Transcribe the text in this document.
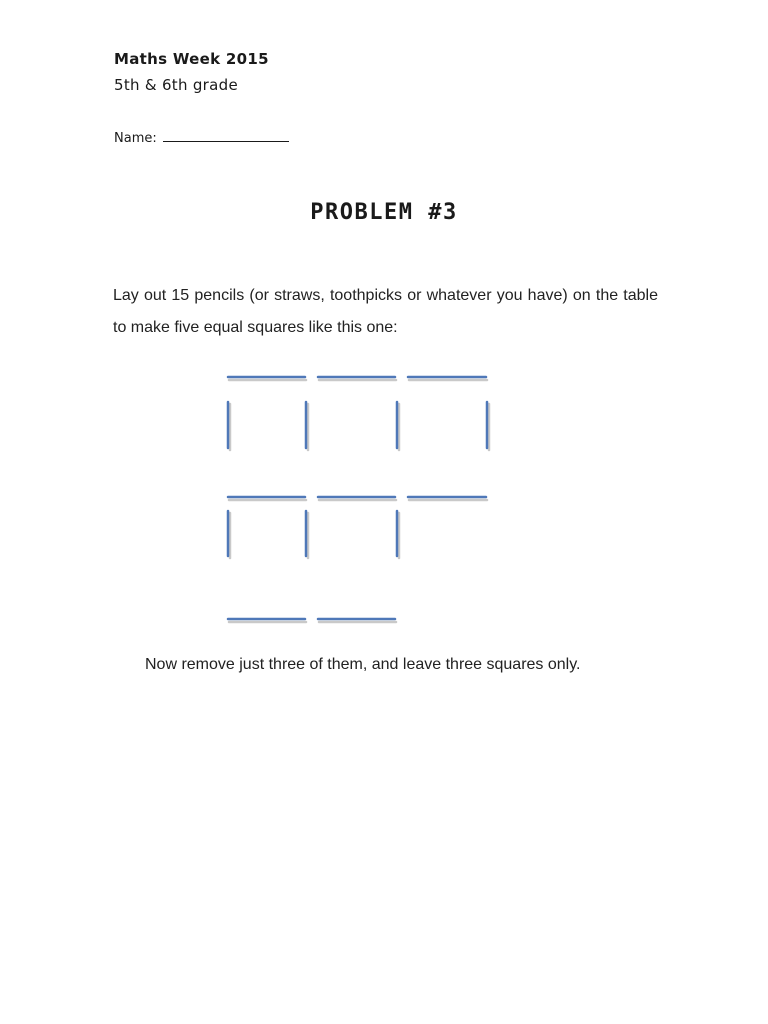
Maths Week 2015
5th & 6th grade
Name:
PROBLEM #3
Lay out 15 pencils (or straws, toothpicks or whatever you have) on the table to make five equal squares like this one:
Now remove just three of them, and leave three squares only.
